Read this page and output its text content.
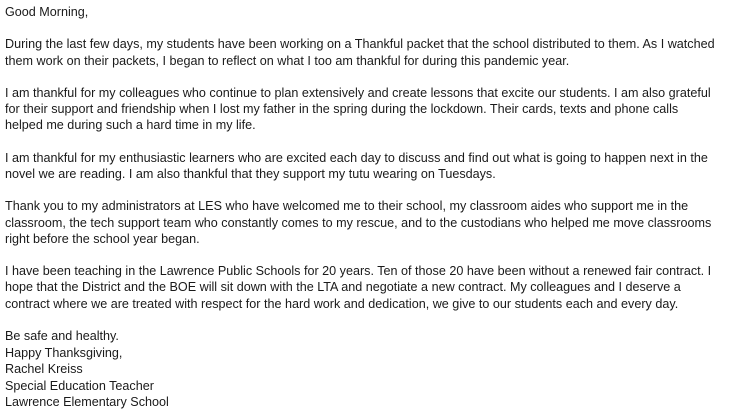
Good Morning,
During the last few days, my students have been working on a Thankful packet that the school distributed to them. As I watched
them work on their packets, I began to reflect on what I too am thankful for during this pandemic year.
I am thankful for my colleagues who continue to plan extensively and create lessons that excite our students. I am also grateful
for their support and friendship when I lost my father in the spring during the lockdown. Their cards, texts and phone calls
helped me during such a hard time in my life.
I am thankful for my enthusiastic learners who are excited each day to discuss and find out what is going to happen next in the
novel we are reading. I am also thankful that they support my tutu wearing on Tuesdays.
Thank you to my administrators at LES who have welcomed me to their school, my classroom aides who support me in the
classroom, the tech support team who constantly comes to my rescue, and to the custodians who helped me move classrooms
right before the school year began.
I have been teaching in the Lawrence Public Schools for 20 years. Ten of those 20 have been without a renewed fair contract. I
hope that the District and the BOE will sit down with the LTA and negotiate a new contract. My colleagues and I deserve a
contract where we are treated with respect for the hard work and dedication, we give to our students each and every day.
Be safe and healthy.
Happy Thanksgiving,
Rachel Kreiss
Special Education Teacher
Lawrence Elementary School
